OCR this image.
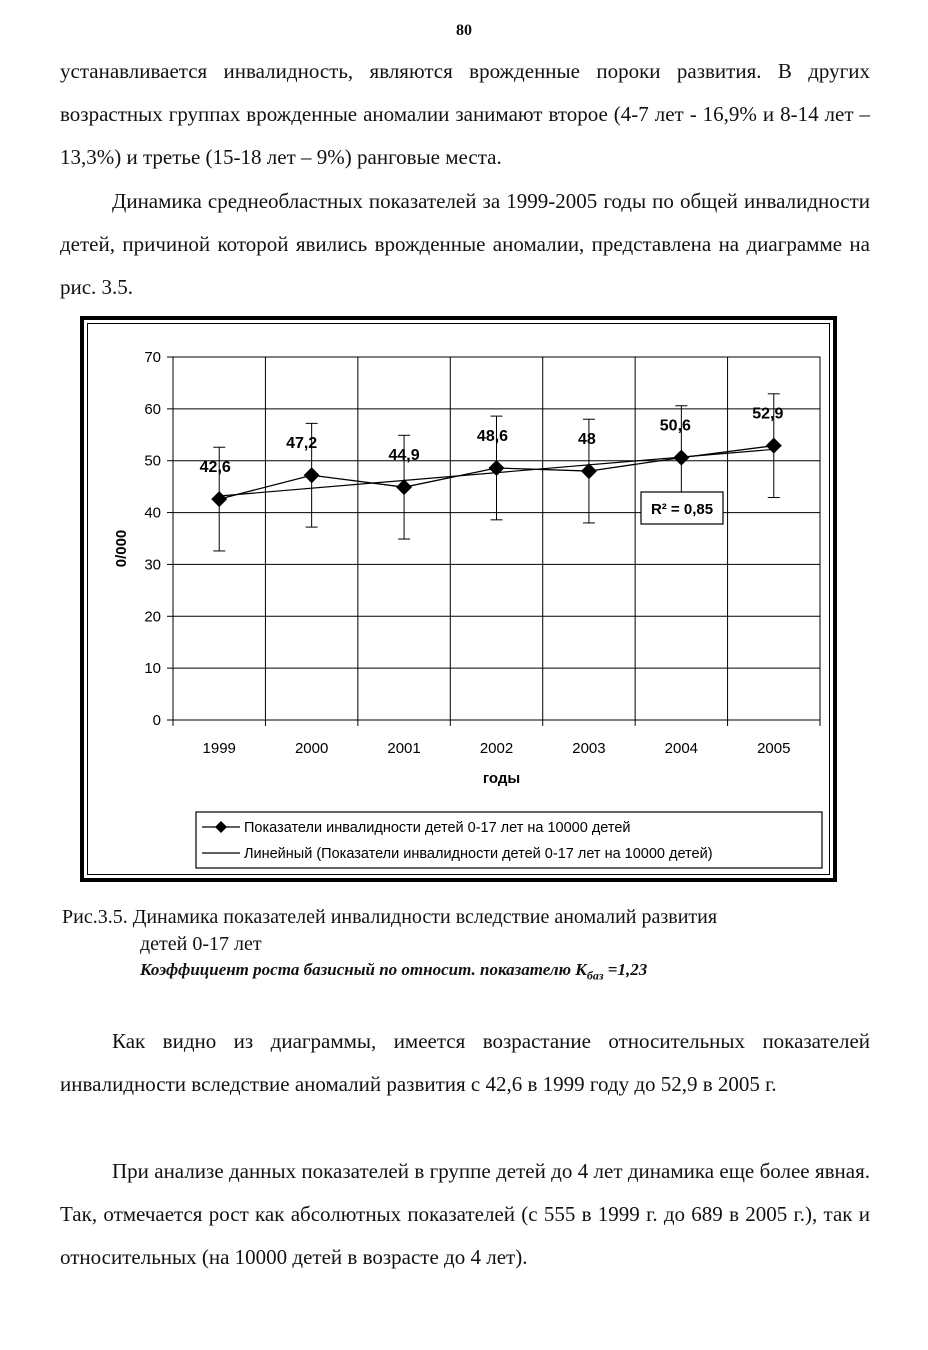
80

устанавливается инвалидность, являются врожденные пороки развития. В других возрастных группах врожденные аномалии занимают второе (4-7 лет - 16,9% и 8-14 лет – 13,3%) и третье (15-18 лет – 9%) ранговые места.

Динамика среднеобластных показателей за 1999-2005 годы по общей инвалидности детей, причиной которой явились врожденные аномалии, представлена на диаграмме на рис. 3.5.

0
10
20
30
40
50
60
70
1999	2000	2001	2002	2003	2004	2005
годы
0/000
42,6
47,2
44,9
48,6	48
50,6
52,9
R² = 0,85
Показатели инвалидности детей 0-17 лет на 10000 детей
Линейный (Показатели инвалидности детей 0-17 лет на 10000 детей)
Рис.3.5. Динамика показателей инвалидности вследствие аномалий развития
детей 0-17 лет
Коэффициент роста базисный по относит. показателю $К_{баз} =1,23$

Как видно из диаграммы, имеется возрастание относительных показателей инвалидности вследствие аномалий развития с 42,6 в 1999 году до 52,9 в 2005 г.

При анализе данных показателей в группе детей до 4 лет динамика еще более явная. Так, отмечается рост как абсолютных показателей (с 555 в 1999 г. до 689 в 2005 г.), так и относительных (на 10000 детей в возрасте до 4 лет).
